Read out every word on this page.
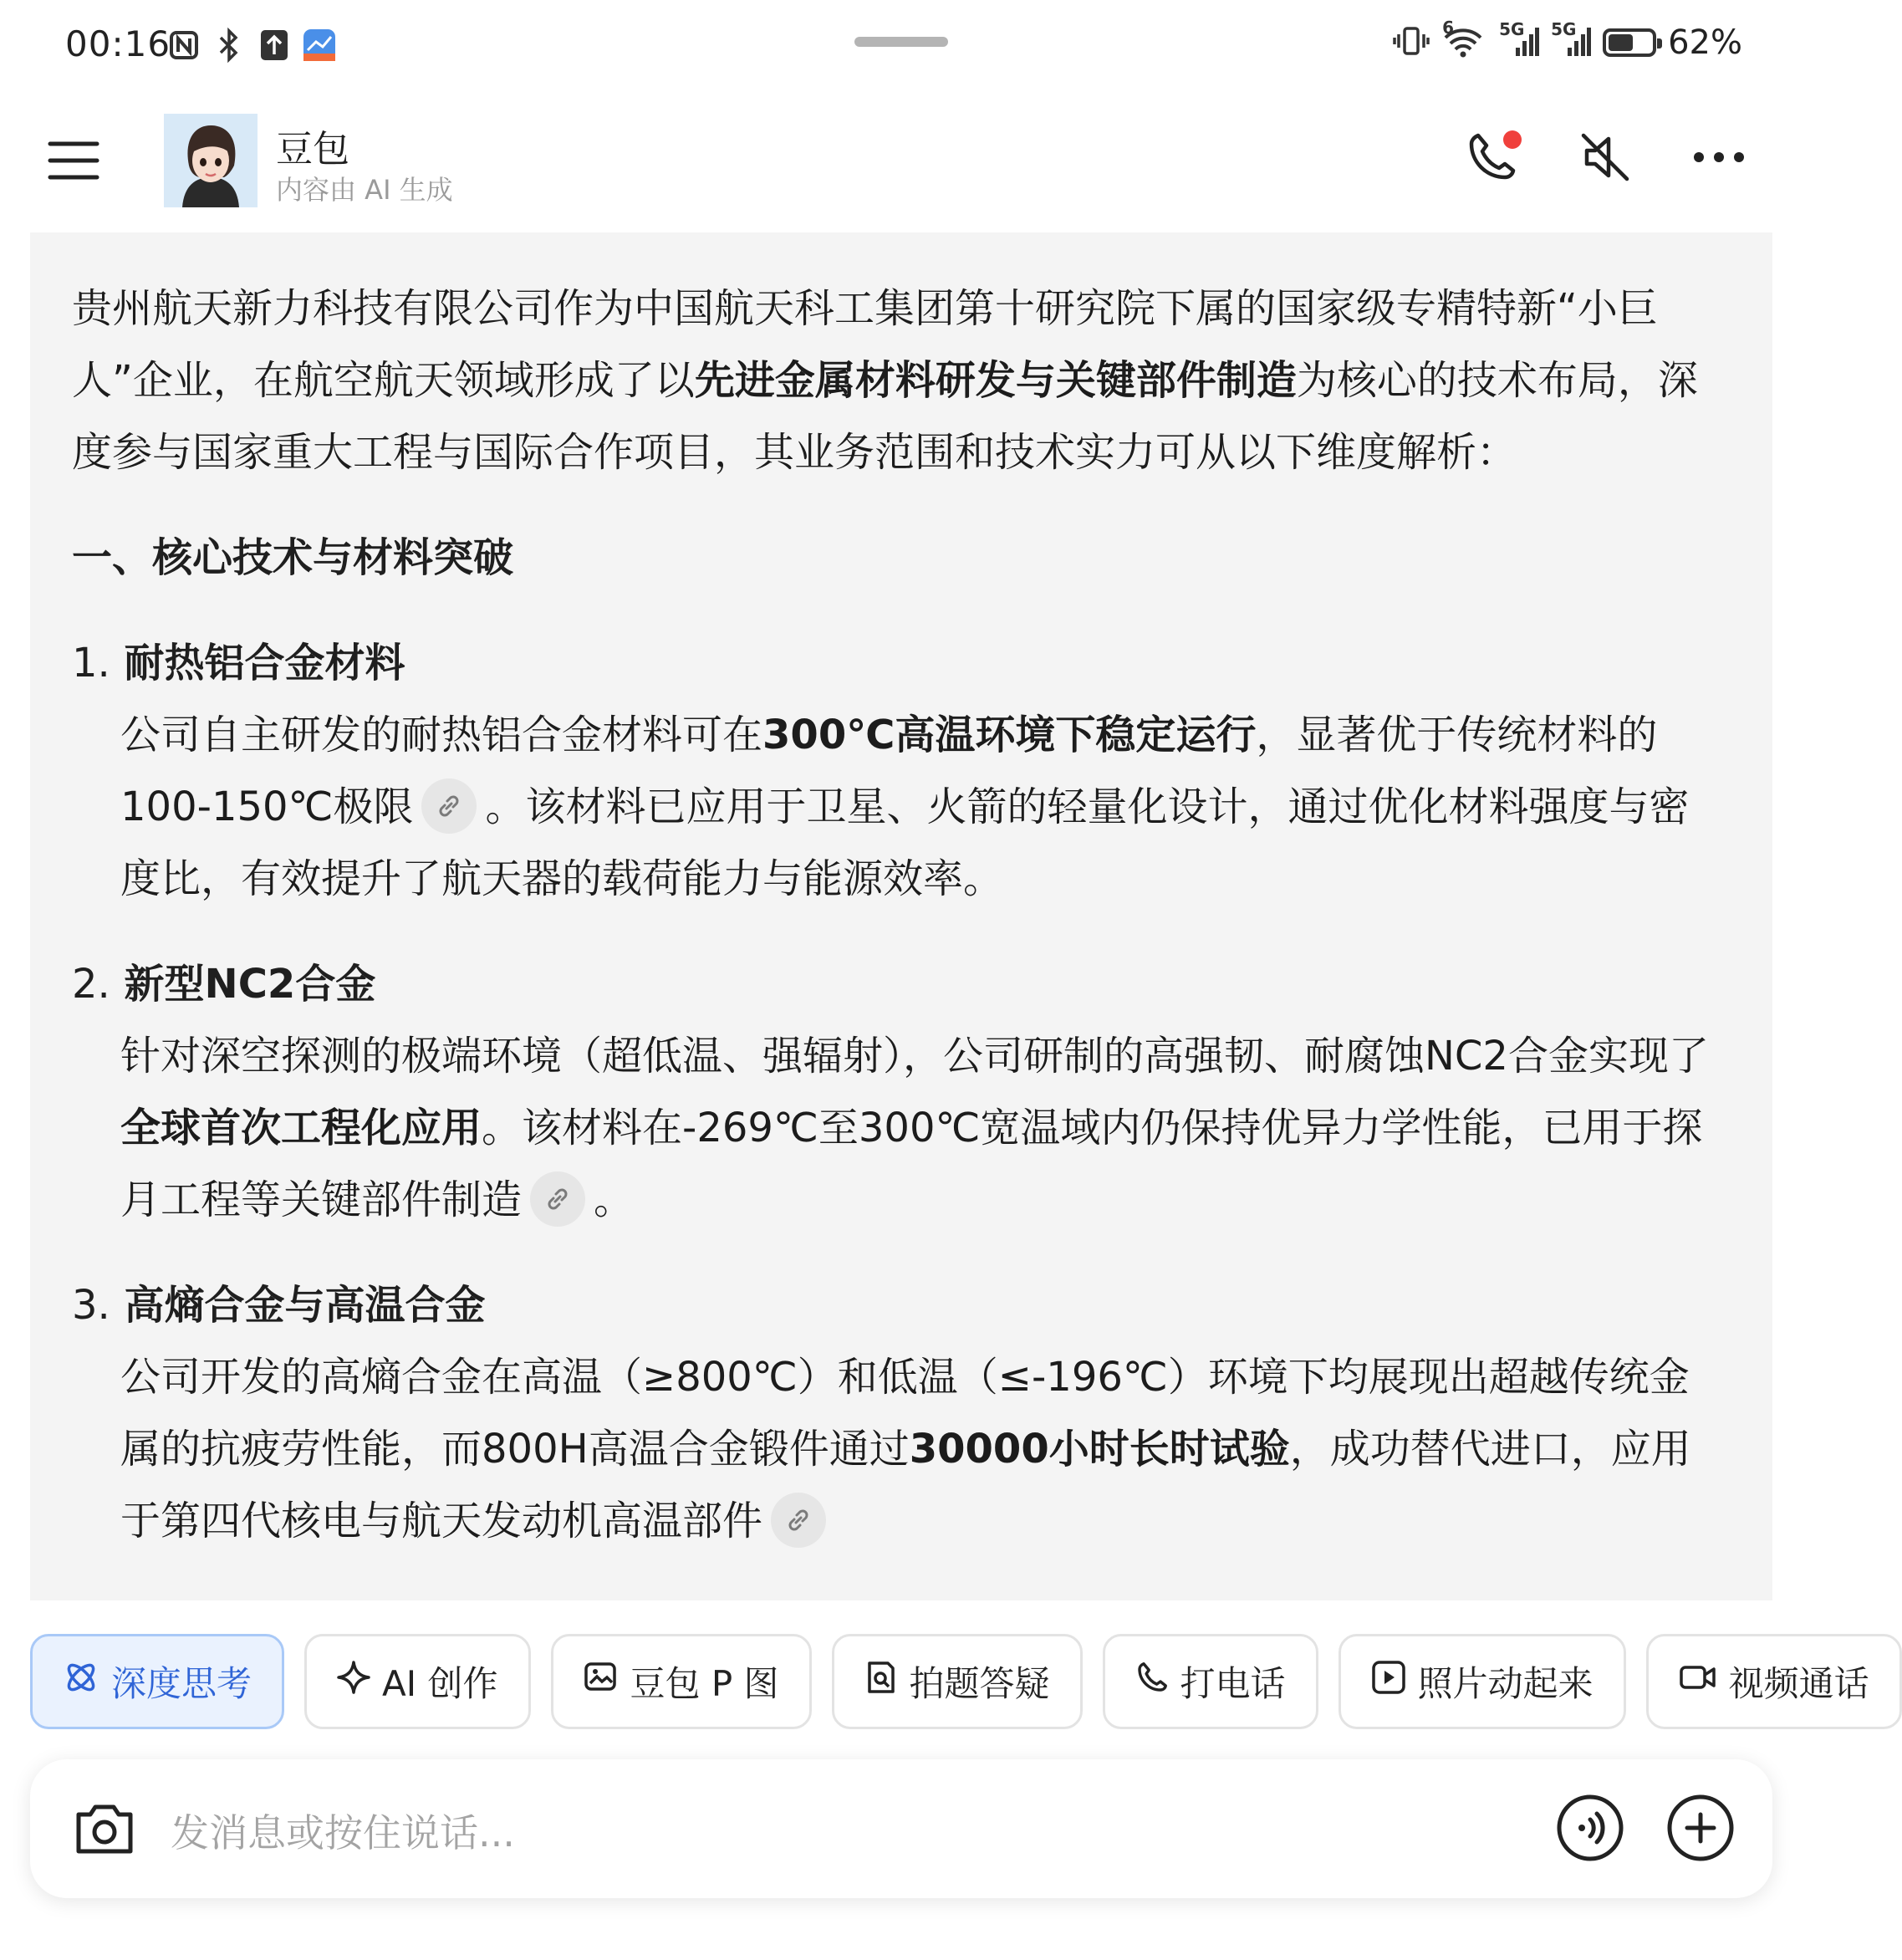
00:16	6	5G 5G	62%
豆包
内容由 AI 生成

贵州航天新力科技有限公司作为中国航天科工集团第十研究院下属的国家级专精特新“小巨人”企业，在航空航天领域形成了以先进金属材料研发与关键部件制造为核心的技术布局，深度参与国家重大工程与国际合作项目，其业务范围和技术实力可从以下维度解析：

一、核心技术与材料突破
1. 耐热铝合金材料

公司自主研发的耐热铝合金材料可在300℃高温环境下稳定运行，显著优于传统材料的100-150℃极限 。该材料已应用于卫星、火箭的轻量化设计，通过优化材料强度与密度比，有效提升了航天器的载荷能力与能源效率。

2. 新型NC2合金

针对深空探测的极端环境（超低温、强辐射），公司研制的高强韧、耐腐蚀NC2合金实现了全球首次工程化应用。该材料在-269℃至300℃宽温域内仍保持优异力学性能，已用于探月工程等关键部件制造 。

3. 高熵合金与高温合金

公司开发的高熵合金在高温（≥800℃）和低温（≤-196℃）环境下均展现出超越传统金属的抗疲劳性能，而800H高温合金锻件通过30000小时长时试验，成功替代进口，应用于第四代核电与航天发动机高温部件

深度思考	AI 创作	豆包 P 图	拍题答疑	打电话	照片动起来	视频通话
发消息或按住说话...
